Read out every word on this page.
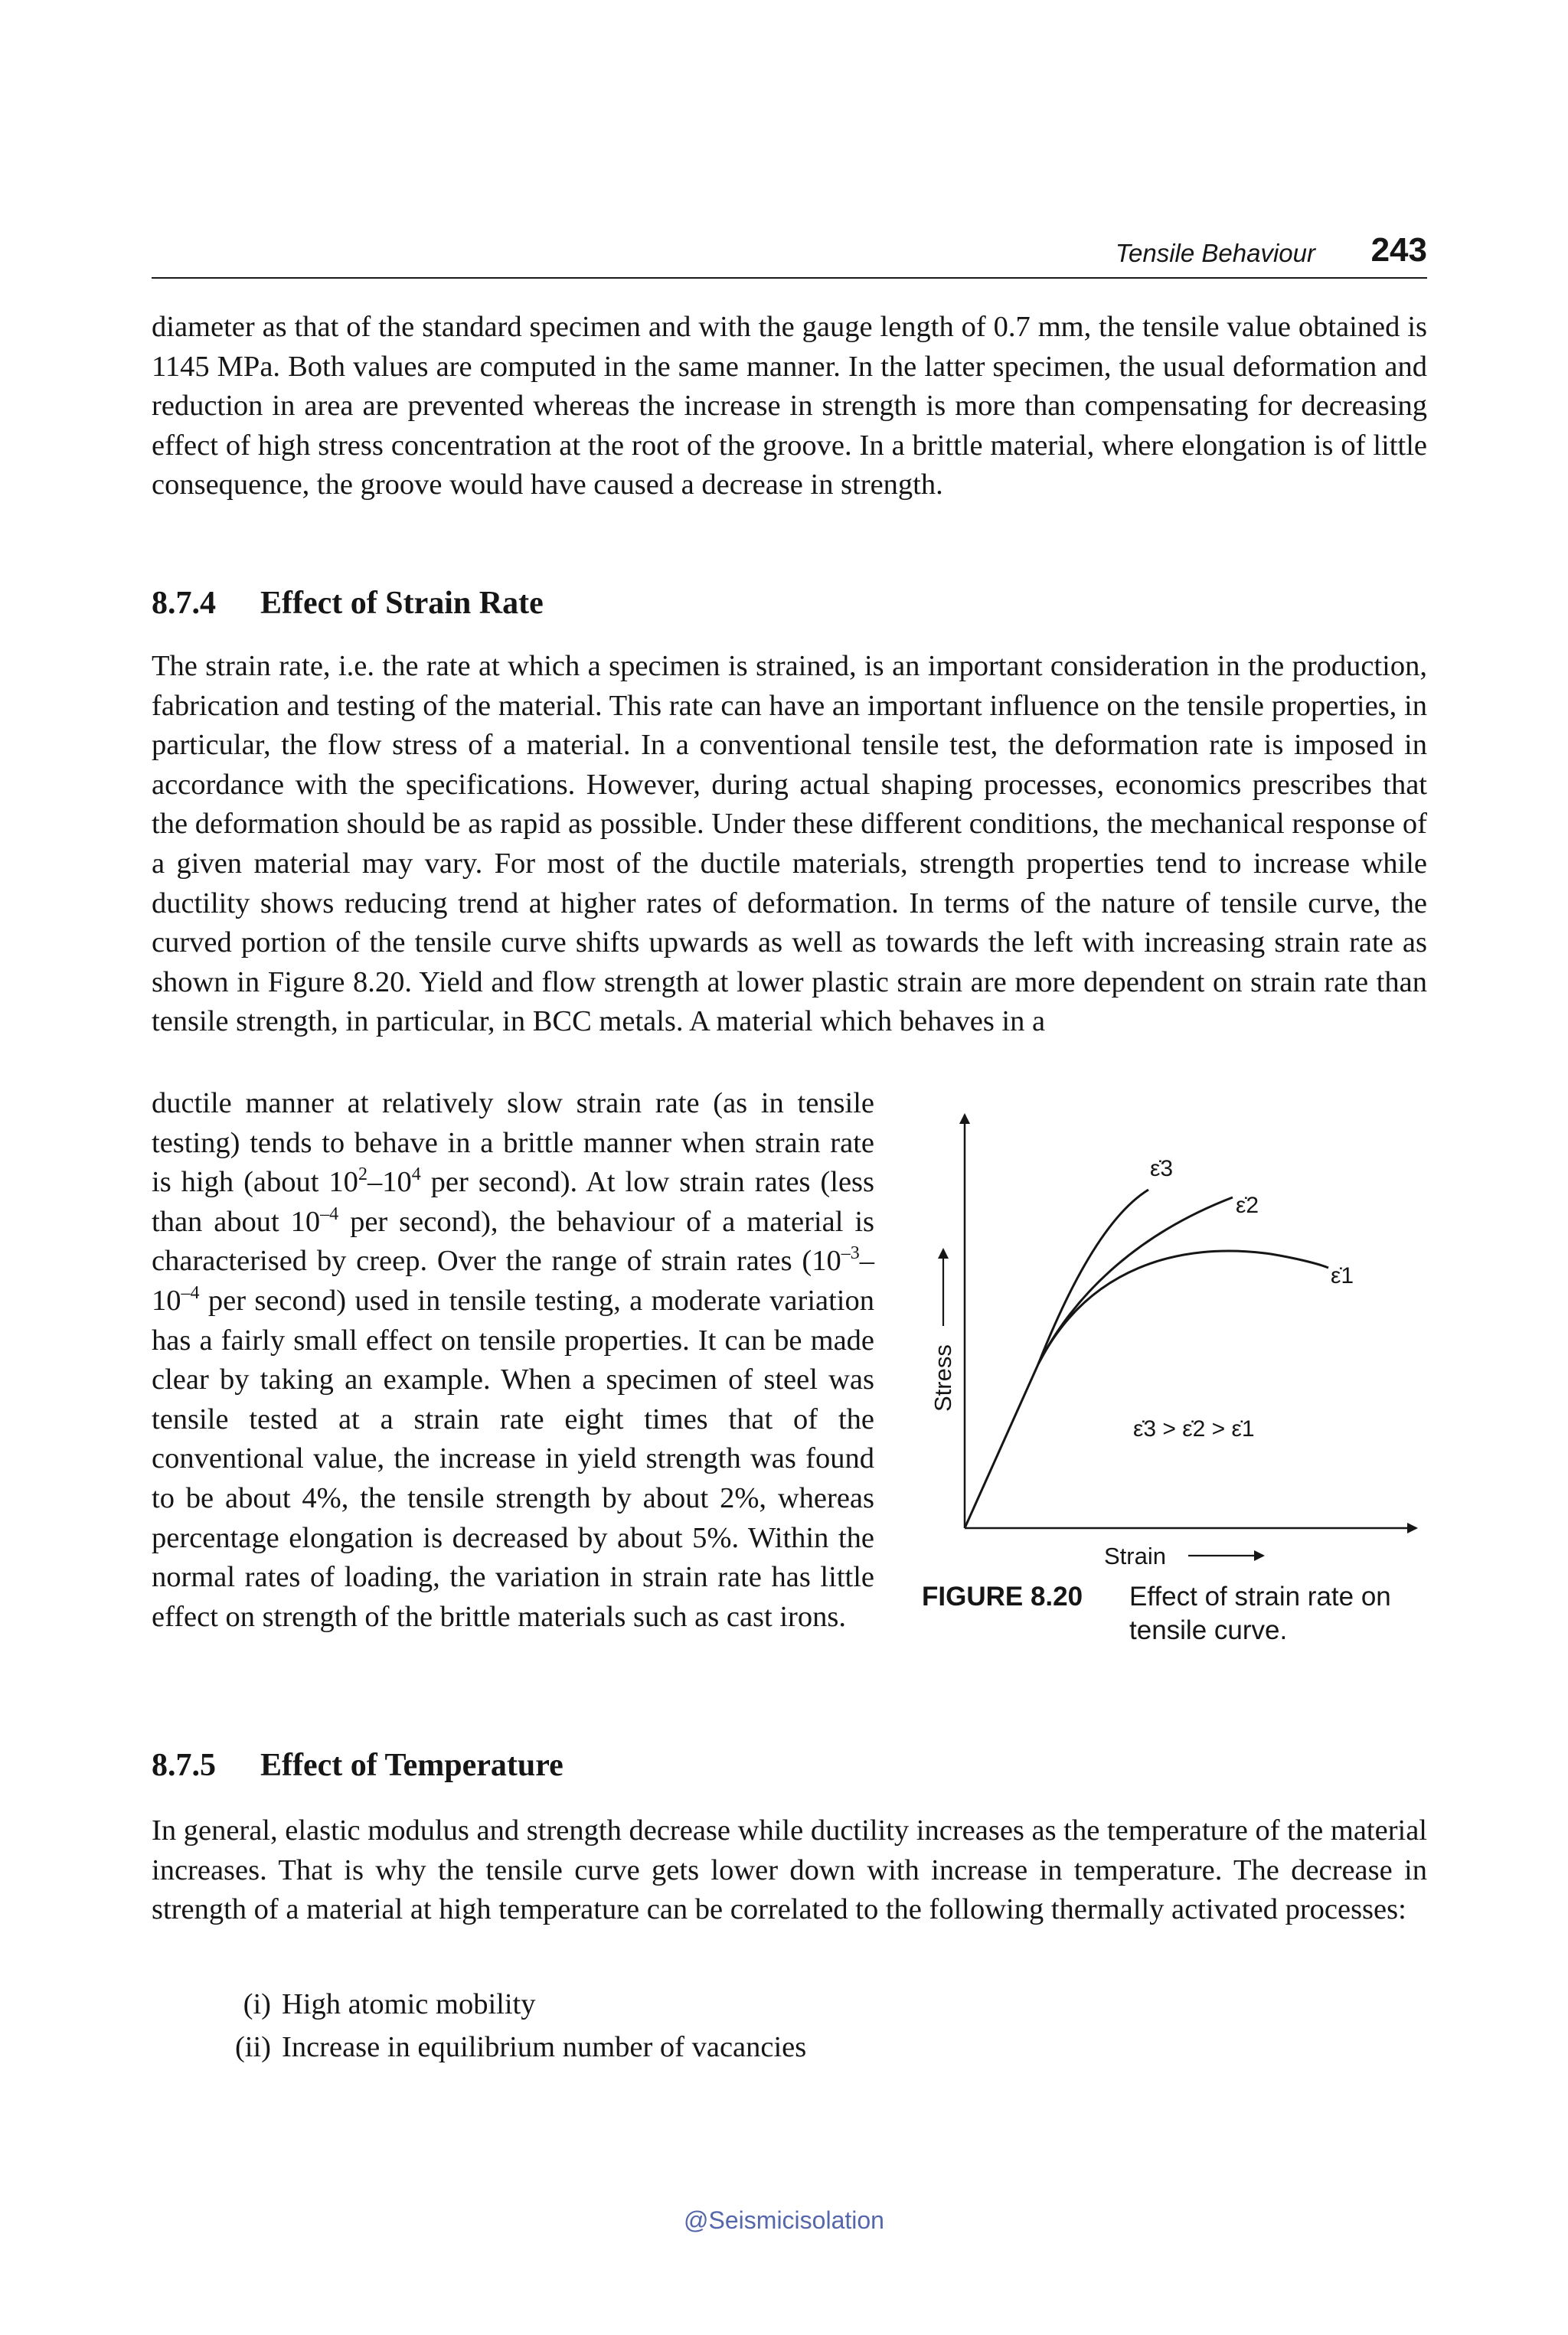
Tensile Behaviour 243

diameter as that of the standard specimen and with the gauge length of 0.7 mm, the tensile value obtained is 1145 MPa. Both values are computed in the same manner. In the latter specimen, the usual deformation and reduction in area are prevented whereas the increase in strength is more than compensating for decreasing effect of high stress concentration at the root of the groove. In a brittle material, where elongation is of little consequence, the groove would have caused a decrease in strength.

8.7.4 Effect of Strain Rate

The strain rate, i.e. the rate at which a specimen is strained, is an important consideration in the production, fabrication and testing of the material. This rate can have an important influence on the tensile properties, in particular, the flow stress of a material. In a conventional tensile test, the deformation rate is imposed in accordance with the specifications. However, during actual shaping processes, economics prescribes that the deformation should be as rapid as possible. Under these different conditions, the mechanical response of a given material may vary. For most of the ductile materials, strength properties tend to increase while ductility shows reducing trend at higher rates of deformation. In terms of the nature of tensile curve, the curved portion of the tensile curve shifts upwards as well as towards the left with increasing strain rate as shown in Figure 8.20. Yield and flow strength at lower plastic strain are more dependent on strain rate than tensile strength, in particular, in BCC metals. A material which behaves in a

ductile manner at relatively slow strain rate (as in tensile testing) tends to behave in a brittle manner when strain rate is high (about $10^2-10^4$ per second). At low strain rates (less than about $10^{-4}$ per second), the behaviour of a material is characterised by creep. Over the range of strain rates ($10^{-3}-10^{-4}$ per second) used in tensile testing, a moderate variation has a fairly small effect on tensile properties. It can be made clear by taking an example. When a specimen of steel was tensile tested at a strain rate eight times that of the conventional value, the increase in yield strength was found to be about 4%, the tensile strength by about 2%, whereas percentage elongation is decreased by about 5%. Within the normal rates of loading, the variation in strain rate has little effect on strength of the brittle materials such as cast irons.

ε̇3
ε̇2
ε̇1
ε̇3 > ε̇2 > ε̇1
Stress
Strain
FIGURE 8.20 Effect of strain rate on tensile curve.
8.7.5 Effect of Temperature

In general, elastic modulus and strength decrease while ductility increases as the temperature of the material increases. That is why the tensile curve gets lower down with increase in temperature. The decrease in strength of a material at high temperature can be correlated to the following thermally activated processes:

(i) High atomic mobility
(ii) Increase in equilibrium number of vacancies
@Seismicisolation
